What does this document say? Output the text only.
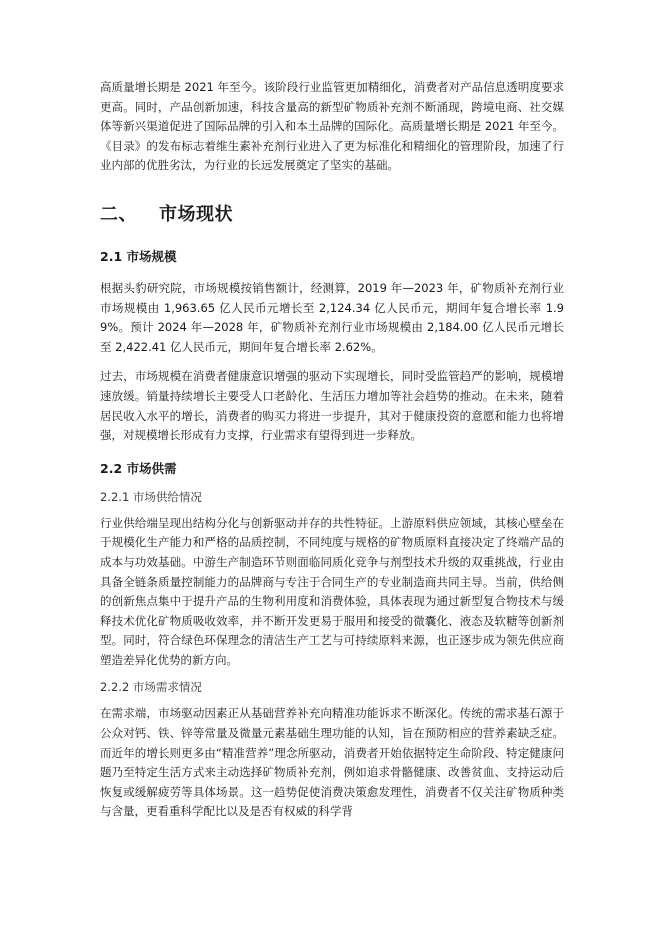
高质量增长期是 2021 年至今。该阶段行业监管更加精细化，消费者对产品信息透明度要求更高。同时，产品创新加速，科技含量高的新型矿物质补充剂不断涌现，跨境电商、社交媒体等新兴渠道促进了国际品牌的引入和本土品牌的国际化。高质量增长期是 2021 年至今。《目录》的发布标志着维生素补充剂行业进入了更为标准化和精细化的管理阶段，加速了行业内部的优胜劣汰，为行业的长远发展奠定了坚实的基础。

二、 市场现状
2.1 市场规模

根据头豹研究院，市场规模按销售额计，经测算，2019 年—2023 年，矿物质补充剂行业市场规模由 1,963.65 亿人民币元增长至 2,124.34 亿人民币元，期间年复合增长率 1.99%。预计 2024 年—2028 年，矿物质补充剂行业市场规模由 2,184.00 亿人民币元增长至 2,422.41 亿人民币元，期间年复合增长率 2.62%。

过去，市场规模在消费者健康意识增强的驱动下实现增长，同时受监管趋严的影响，规模增速放缓。销量持续增长主要受人口老龄化、生活压力增加等社会趋势的推动。在未来，随着居民收入水平的增长，消费者的购买力将进一步提升，其对于健康投资的意愿和能力也将增强，对规模增长形成有力支撑，行业需求有望得到进一步释放。

2.2 市场供需
2.2.1 市场供给情况

行业供给端呈现出结构分化与创新驱动并存的共性特征。上游原料供应领域，其核心壁垒在于规模化生产能力和严格的品质控制，不同纯度与规格的矿物质原料直接决定了终端产品的成本与功效基础。中游生产制造环节则面临同质化竞争与剂型技术升级的双重挑战，行业由具备全链条质量控制能力的品牌商与专注于合同生产的专业制造商共同主导。当前，供给侧的创新焦点集中于提升产品的生物利用度和消费体验，具体表现为通过新型复合物技术与缓释技术优化矿物质吸收效率，并不断开发更易于服用和接受的微囊化、液态及软糖等创新剂型。同时，符合绿色环保理念的清洁生产工艺与可持续原料来源，也正逐步成为领先供应商塑造差异化优势的新方向。

2.2.2 市场需求情况

在需求端，市场驱动因素正从基础营养补充向精准功能诉求不断深化。传统的需求基石源于公众对钙、铁、锌等常量及微量元素基础生理功能的认知，旨在预防相应的营养素缺乏症。而近年的增长则更多由“精准营养”理念所驱动，消费者开始依据特定生命阶段、特定健康问题乃至特定生活方式来主动选择矿物质补充剂，例如追求骨骼健康、改善贫血、支持运动后恢复或缓解疲劳等具体场景。这一趋势促使消费决策愈发理性，消费者不仅关注矿物质种类与含量，更看重科学配比以及是否有权威的科学背
